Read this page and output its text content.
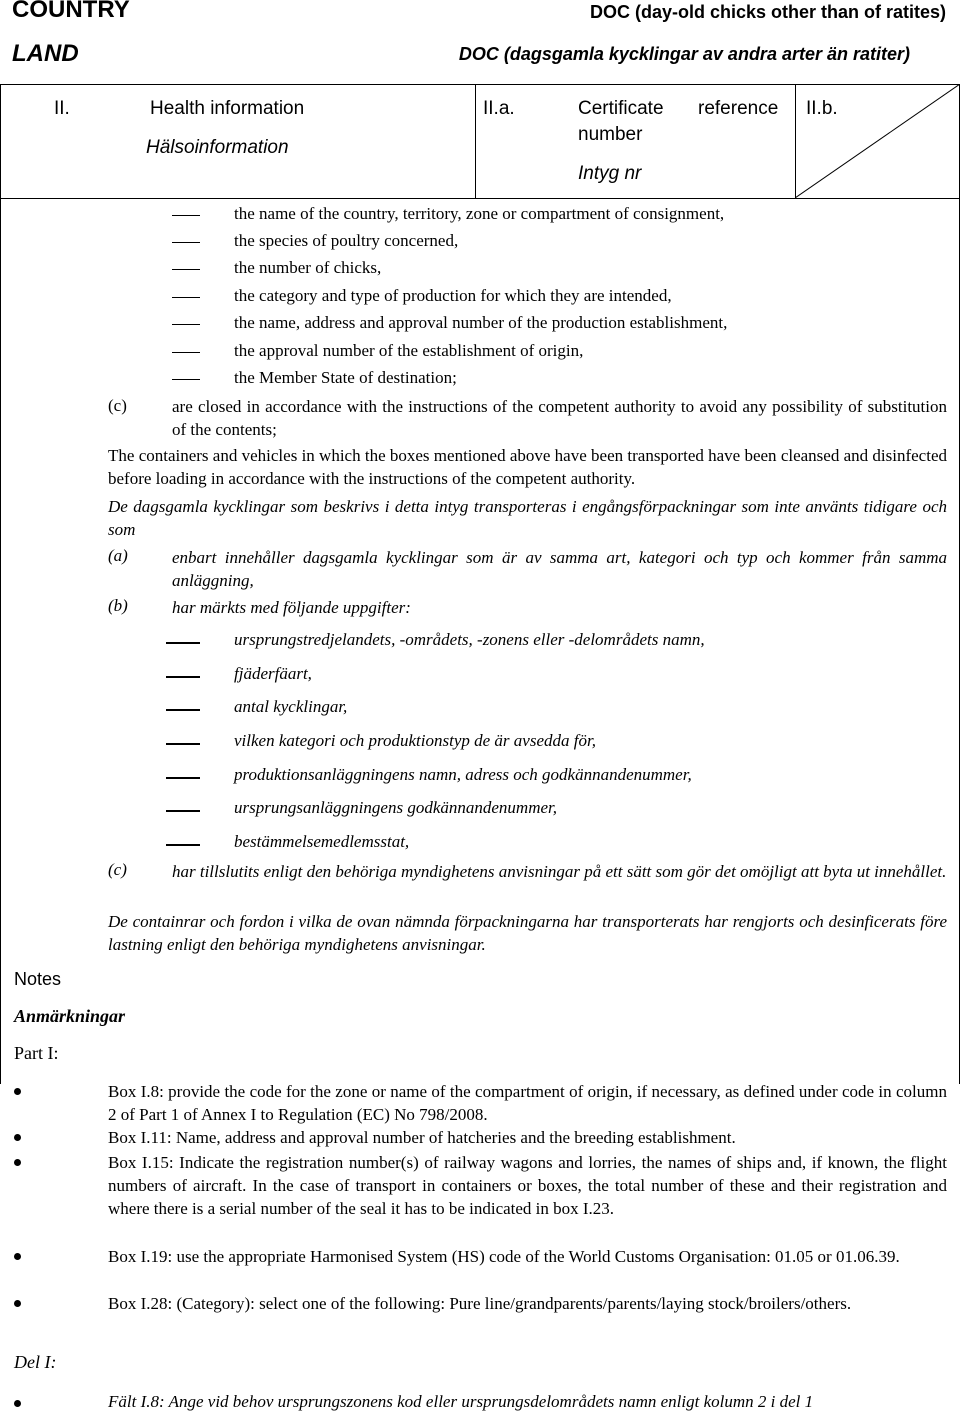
COUNTRY
LAND
DOC (day-old chicks other than of ratites)
DOC (dagsgamla kycklingar av andra arter än ratiter)
II.	Health information
Hälsoinformation
II.a.	Certificate reference
number
Intyg nr
II.b.
the name of the country, territory, zone or compartment of consignment,
the species of poultry concerned,
the number of chicks,
the category and type of production for which they are intended,
the name, address and approval number of the production establishment,
the approval number of the establishment of origin,
the Member State of destination;
(c)	are closed in accordance with the instructions of the competent authority to avoid any possibility of substitution of the contents;
The containers and vehicles in which the boxes mentioned above have been transported have been cleansed and disinfected before loading in accordance with the instructions of the competent authority.
De dagsgamla kycklingar som beskrivs i detta intyg transporteras i engångsförpackningar som inte använts tidigare och som
(a)	enbart innehåller dagsgamla kycklingar som är av samma art, kategori och typ och kommer från samma anläggning,
(b)	har märkts med följande uppgifter:
ursprungstredjelandets, -områdets, -zonens eller -delområdets namn,
fjäderfäart,
antal kycklingar,
vilken kategori och produktionstyp de är avsedda för,
produktionsanläggningens namn, adress och godkännandenummer,
ursprungsanläggningens godkännandenummer,
bestämmelsemedlemsstat,
(c)	har tillslutits enligt den behöriga myndighetens anvisningar på ett sätt som gör det omöjligt att byta ut innehållet.
De containrar och fordon i vilka de ovan nämnda förpackningarna har transporterats har rengjorts och desinficerats före lastning enligt den behöriga myndighetens anvisningar.
Notes
Anmärkningar
Part I:
Box I.8: provide the code for the zone or name of the compartment of origin, if necessary, as defined under code in column 2 of Part 1 of Annex I to Regulation (EC) No 798/2008.
Box I.11: Name, address and approval number of hatcheries and the breeding establishment.
Box I.15: Indicate the registration number(s) of railway wagons and lorries, the names of ships and, if known, the flight numbers of aircraft. In the case of transport in containers or boxes, the total number of these and their registration and where there is a serial number of the seal it has to be indicated in box I.23.
Box I.19: use the appropriate Harmonised System (HS) code of the World Customs Organisation: 01.05 or 01.06.39.
Box I.28: (Category): select one of the following: Pure line/grandparents/parents/laying stock/broilers/others.
Del I:
Fält I.8: Ange vid behov ursprungszonens kod eller ursprungsdelområdets namn enligt kolumn 2 i del 1
